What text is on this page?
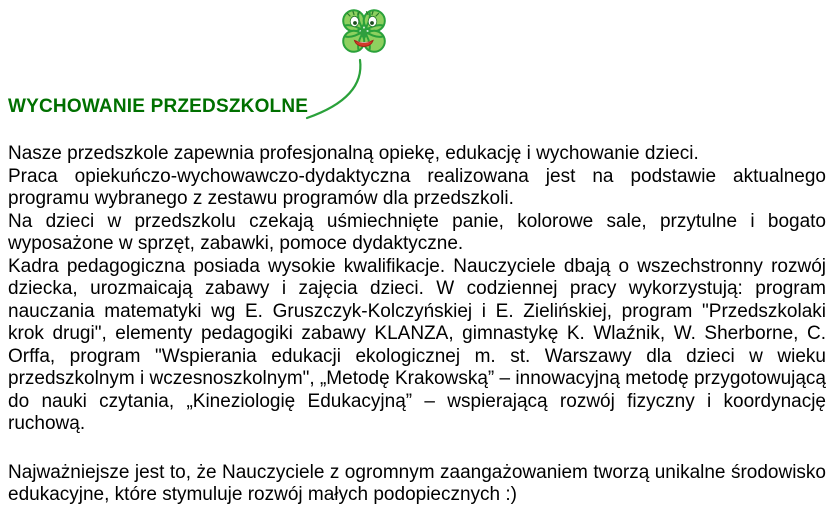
WYCHOWANIE PRZEDSZKOLNE

Nasze przedszkole zapewnia profesjonalną opiekę, edukację i wychowanie dzieci.

Praca opiekuńczo-wychowawczo-dydaktyczna realizowana jest na podstawie aktualnego programu wybranego z zestawu programów dla przedszkoli.

Na dzieci w przedszkolu czekają uśmiechnięte panie, kolorowe sale, przytulne i bogato wyposażone w sprzęt, zabawki, pomoce dydaktyczne.

Kadra pedagogiczna posiada wysokie kwalifikacje. Nauczyciele dbają o wszechstronny rozwój dziecka, urozmaicają zabawy i zajęcia dzieci. W codziennej pracy wykorzystują: program nauczania matematyki wg E. Gruszczyk-Kolczyńskiej i E. Zielińskiej, program "Przedszkolaki krok drugi", elementy pedagogiki zabawy KLANZA, gimnastykę K. Wlaźnik, W. Sherborne, C. Orffa, program "Wspierania edukacji ekologicznej m. st. Warszawy dla dzieci w wieku przedszkolnym i wczesnoszkolnym", „Metodę Krakowską” – innowacyjną metodę przygotowującą do nauki czytania, „Kineziologię Edukacyjną” – wspierającą rozwój fizyczny i koordynację ruchową.

Najważniejsze jest to, że Nauczyciele z ogromnym zaangażowaniem tworzą unikalne środowisko edukacyjne, które stymuluje rozwój małych podopiecznych :)
